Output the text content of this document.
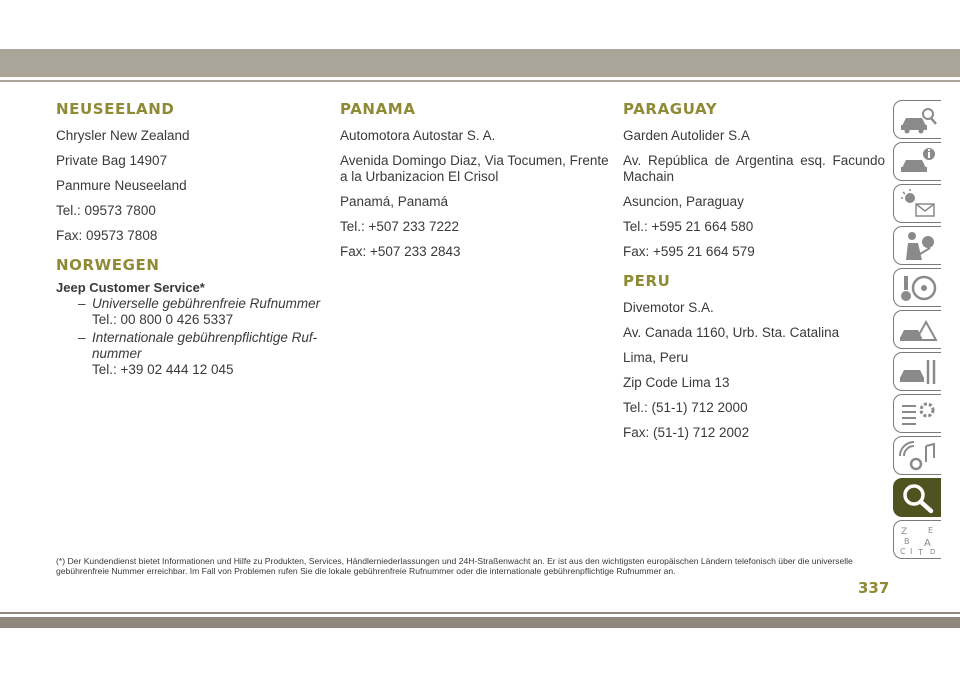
NEUSEELAND

Chrysler New Zealand

Private Bag 14907

Panmure Neuseeland

Tel.: 09573 7800

Fax: 09573 7808

NORWEGEN

Jeep Customer Service*

– Universelle gebührenfreie Rufnummer

Tel.: 00 800 0 426 5337

– Internationale gebührenpflichtige Ruf- nummer

Tel.: +39 02 444 12 045

PANAMA

Automotora Autostar S. A.

Avenida Domingo Diaz, Via Tocumen, Frente a la Urbanizacion El Crisol

Panamá, Panamá

Tel.: +507 233 7222

Fax: +507 233 2843

PARAGUAY

Garden Autolider S.A

Av. República de Argentina esq. Facundo Machain

Asuncion, Paraguay

Tel.: +595 21 664 580

Fax: +595 21 664 579

PERU

Divemotor S.A.

Av. Canada 1160, Urb. Sta. Catalina

Lima, Peru

Zip Code Lima 13

Tel.: (51-1) 712 2000

Fax: (51-1) 712 2002

Z	E
B A
C	D
I T
(*) Der Kundendienst bietet Informationen und Hilfe zu Produkten, Services, Händlerniederlassungen und 24H-Straßenwacht an. Er ist aus den wichtigsten europäischen Ländern telefonisch über die universelle gebührenfreie Nummer erreichbar. Im Fall von Problemen rufen Sie die lokale gebührenfreie Rufnummer oder die internationale gebührenpflichtige Rufnummer an.
337
